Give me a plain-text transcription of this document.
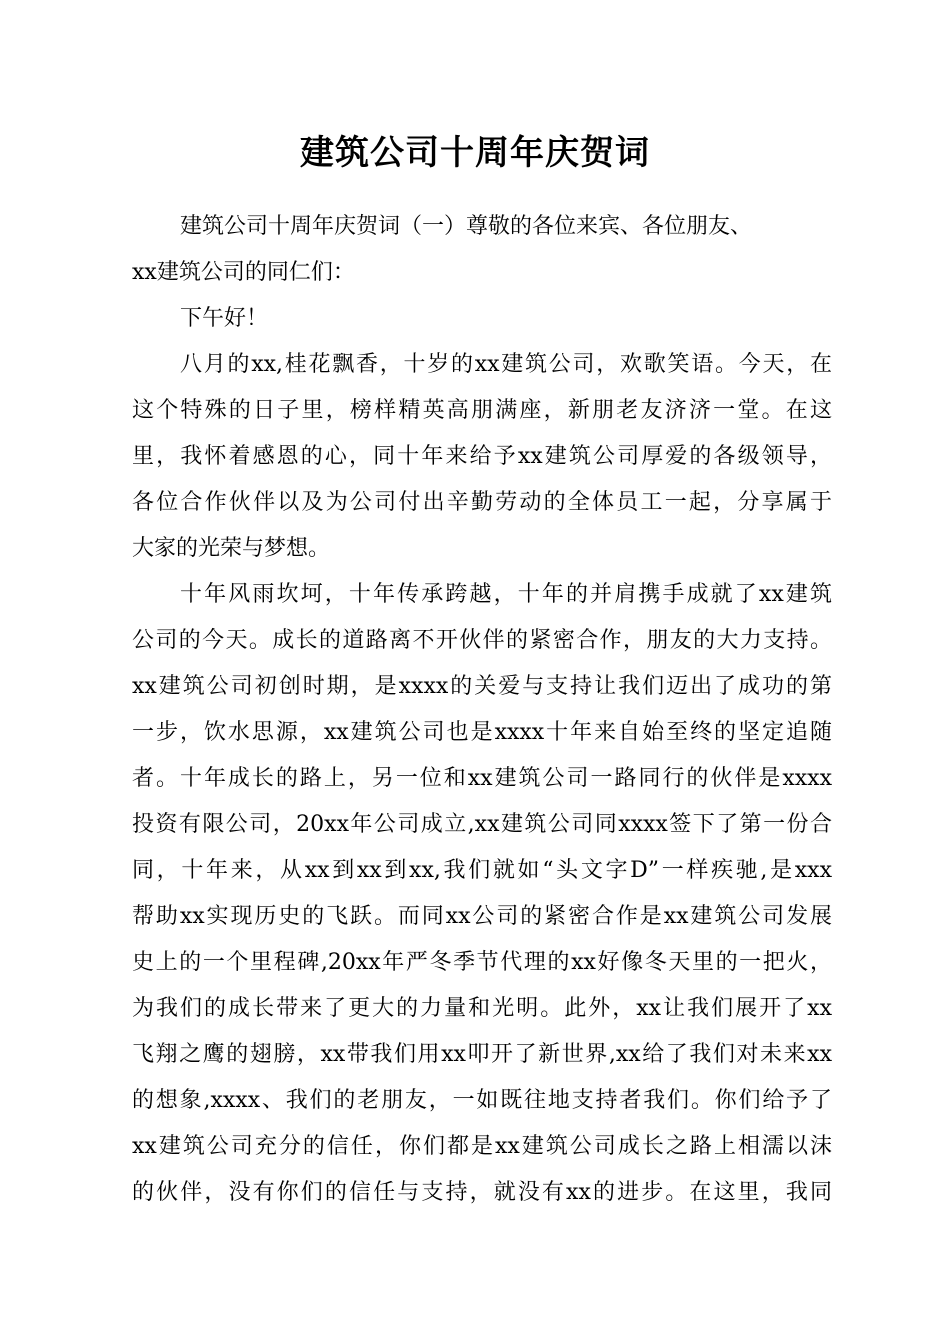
建筑公司十周年庆贺词
建筑公司十周年庆贺词（一）尊敬的各位来宾、各位朋友、
xx建筑公司的同仁们：
下午好！
八月的xx,桂花飘香，十岁的xx建筑公司，欢歌笑语。今天，在
这个特殊的日子里，榜样精英高朋满座，新朋老友济济一堂。在这
里，我怀着感恩的心，同十年来给予xx建筑公司厚爱的各级领导，
各位合作伙伴以及为公司付出辛勤劳动的全体员工一起，分享属于
大家的光荣与梦想。
十年风雨坎坷，十年传承跨越，十年的并肩携手成就了xx建筑
公司的今天。成长的道路离不开伙伴的紧密合作，朋友的大力支持。
xx建筑公司初创时期，是xxxx的关爱与支持让我们迈出了成功的第
一步，饮水思源，xx建筑公司也是xxxx十年来自始至终的坚定追随
者。十年成长的路上，另一位和xx建筑公司一路同行的伙伴是xxxx
投资有限公司，20xx年公司成立,xx建筑公司同xxxx签下了第一份合
同，十年来，从xx到xx到xx,我们就如“头文字D”一样疾驰,是xxx
帮助xx实现历史的飞跃。而同xx公司的紧密合作是xx建筑公司发展
史上的一个里程碑,20xx年严冬季节代理的xx好像冬天里的一把火，
为我们的成长带来了更大的力量和光明。此外，xx让我们展开了xx
飞翔之鹰的翅膀，xx带我们用xx叩开了新世界,xx给了我们对未来xx
的想象,xxxx、我们的老朋友，一如既往地支持者我们。你们给予了
xx建筑公司充分的信任，你们都是xx建筑公司成长之路上相濡以沫
的伙伴，没有你们的信任与支持，就没有xx的进步。在这里，我同
